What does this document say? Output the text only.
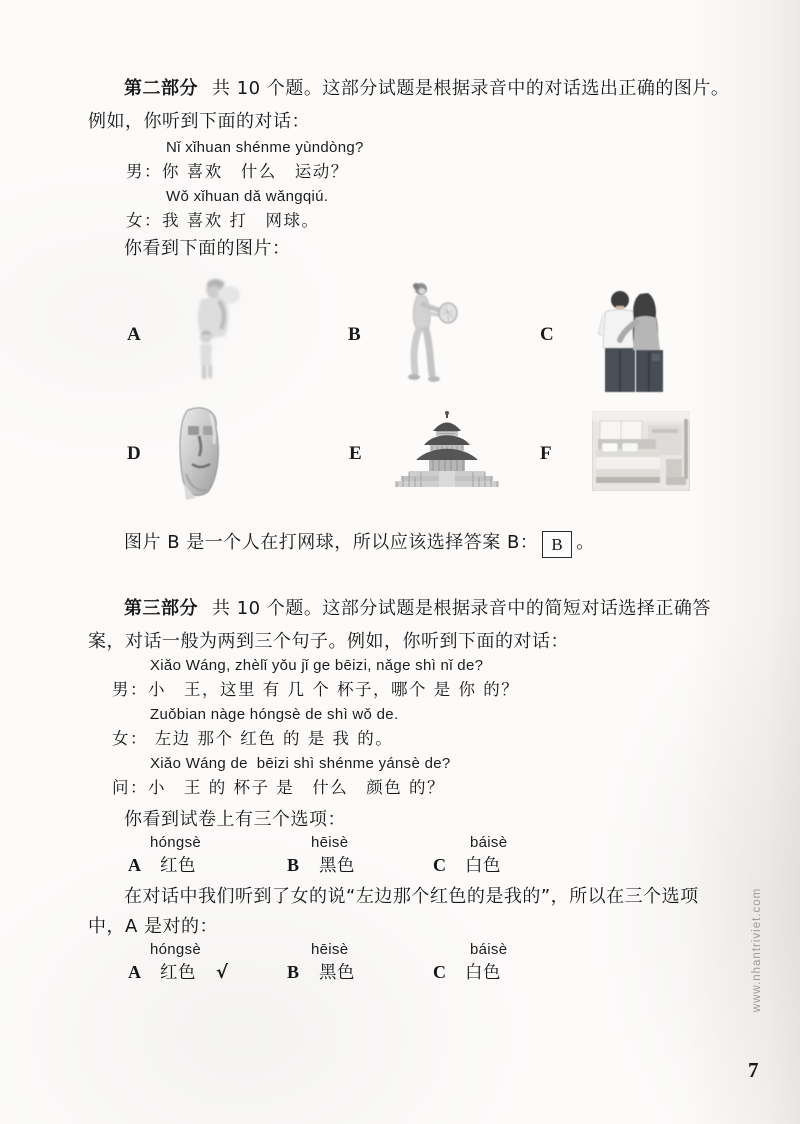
第二部分 共 10 个题。这部分试题是根据录音中的对话选出正确的图片。
例如，你听到下面的对话：
Nǐ xǐhuan shénme yùndòng?
男：你 喜欢　什么　运动？
Wǒ xǐhuan dǎ wǎngqiú.
女：我 喜欢 打　网球。
你看到下面的图片：
A	B	C
D	E	F
图片 B 是一个人在打网球，所以应该选择答案 B： B 。
第三部分 共 10 个题。这部分试题是根据录音中的简短对话选择正确答
案，对话一般为两到三个句子。例如，你听到下面的对话：
Xiǎo Wáng, zhèlǐ yǒu jǐ ge bēizi, nǎge shì nǐ de?
男：小　王，这里 有 几 个 杯子，哪个 是 你 的？
Zuǒbian nàge hóngsè de shì wǒ de.
女： 左边 那个 红色 的 是 我 的。
Xiǎo Wáng de  bēizi shì shénme yánsè de?
问：小　王 的 杯子 是　什么　颜色 的？
你看到试卷上有三个选项：
hóngsè	hēisè	báisè
A 红色	B 黑色	C 白色
在对话中我们听到了女的说“左边那个红色的是我的”，所以在三个选项
中，A 是对的：
hóngsè	hēisè	báisè
A 红色 √	B 黑色	C 白色	www.nhantriviet.com
7
